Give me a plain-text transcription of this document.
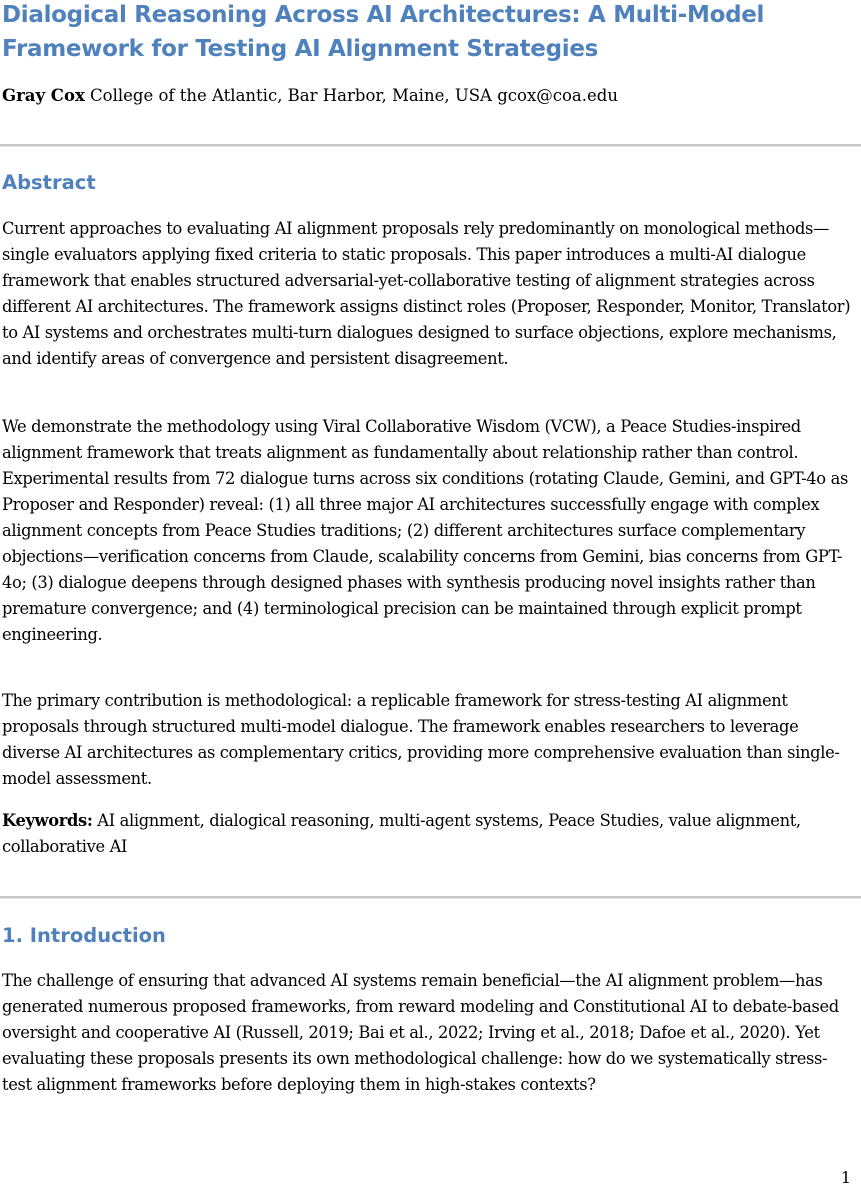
Dialogical Reasoning Across AI Architectures: A Multi-Model Framework for Testing AI Alignment Strategies
Gray Cox College of the Atlantic, Bar Harbor, Maine, USA gcox@coa.edu
Abstract

Current approaches to evaluating AI alignment proposals rely predominantly on monological methods—single evaluators applying fixed criteria to static proposals. This paper introduces a multi-AI dialogue framework that enables structured adversarial-yet-collaborative testing of alignment strategies across different AI architectures. The framework assigns distinct roles (Proposer, Responder, Monitor, Translator) to AI systems and orchestrates multi-turn dialogues designed to surface objections, explore mechanisms, and identify areas of convergence and persistent disagreement.

We demonstrate the methodology using Viral Collaborative Wisdom (VCW), a Peace Studies-inspired alignment framework that treats alignment as fundamentally about relationship rather than control. Experimental results from 72 dialogue turns across six conditions (rotating Claude, Gemini, and GPT-4o as Proposer and Responder) reveal: (1) all three major AI architectures successfully engage with complex alignment concepts from Peace Studies traditions; (2) different architectures surface complementary objections—verification concerns from Claude, scalability concerns from Gemini, bias concerns from GPT-4o; (3) dialogue deepens through designed phases with synthesis producing novel insights rather than premature convergence; and (4) terminological precision can be maintained through explicit prompt engineering.

The primary contribution is methodological: a replicable framework for stress-testing AI alignment proposals through structured multi-model dialogue. The framework enables researchers to leverage diverse AI architectures as complementary critics, providing more comprehensive evaluation than single-model assessment.

Keywords: AI alignment, dialogical reasoning, multi-agent systems, Peace Studies, value alignment, collaborative AI

1. Introduction

The challenge of ensuring that advanced AI systems remain beneficial—the AI alignment problem—has generated numerous proposed frameworks, from reward modeling and Constitutional AI to debate-based oversight and cooperative AI (Russell, 2019; Bai et al., 2022; Irving et al., 2018; Dafoe et al., 2020). Yet evaluating these proposals presents its own methodological challenge: how do we systematically stress-test alignment frameworks before deploying them in high-stakes contexts?

1
